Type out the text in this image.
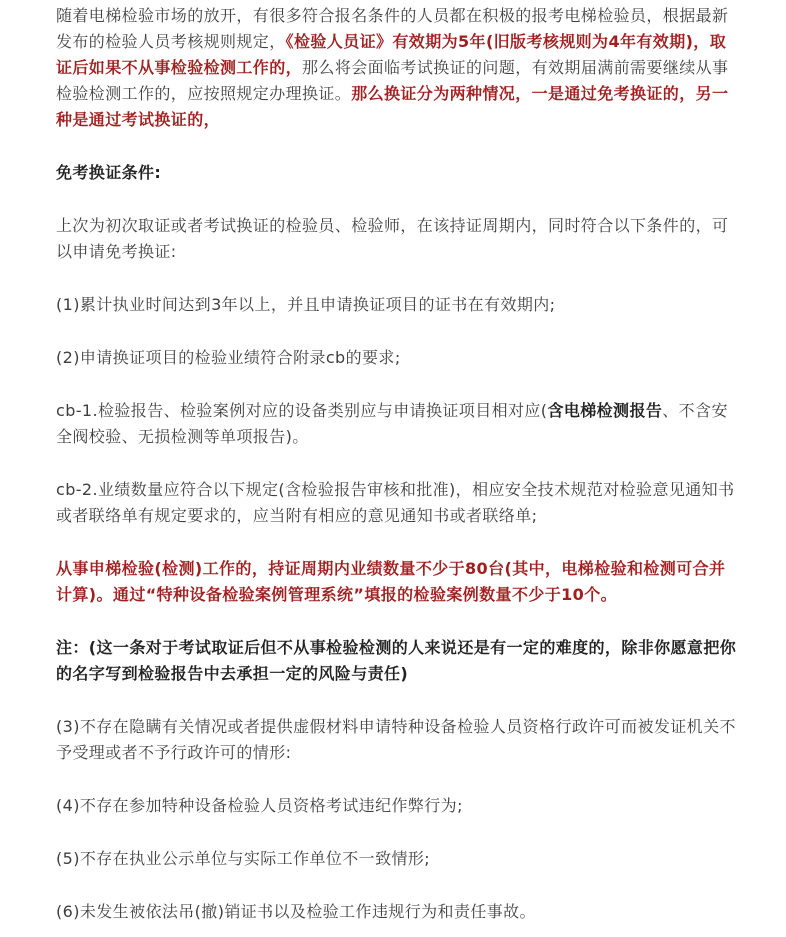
随着电梯检验市场的放开，有很多符合报名条件的人员都在积极的报考电梯检验员，根据最新发布的检验人员考核规则规定，《检验人员证》有效期为5年(旧版考核规则为4年有效期)，取证后如果不从事检验检测工作的，那么将会面临考试换证的问题，有效期届满前需要继续从事检验检测工作的，应按照规定办理换证。那么换证分为两种情况，一是通过免考换证的，另一种是通过考试换证的，

免考换证条件:

上次为初次取证或者考试换证的检验员、检验师，在该持证周期内，同时符合以下条件的，可以申请免考换证:

(1)累计执业时间达到3年以上，并且申请换证项目的证书在有效期内;

(2)申请换证项目的检验业绩符合附录cb的要求;

cb-1.检验报告、检验案例对应的设备类别应与申请换证项目相对应(含电梯检测报告、不含安全阀校验、无损检测等单项报告)。

cb-2.业绩数量应符合以下规定(含检验报告审核和批准)，相应安全技术规范对检验意见通知书或者联络单有规定要求的，应当附有相应的意见通知书或者联络单;

从事申梯检验(检测)工作的，持证周期内业绩数量不少于80台(其中，电梯检验和检测可合并计算)。通过“特种设备检验案例管理系统”填报的检验案例数量不少于10个。

注：(这一条对于考试取证后但不从事检验检测的人来说还是有一定的难度的，除非你愿意把你的名字写到检验报告中去承担一定的风险与责任)

(3)不存在隐瞒有关情况或者提供虚假材料申请特种设备检验人员资格行政许可而被发证机关不予受理或者不予行政许可的情形:

(4)不存在参加特种设备检验人员资格考试违纪作弊行为;

(5)不存在执业公示单位与实际工作单位不一致情形;

(6)未发生被依法吊(撤)销证书以及检验工作违规行为和责任事故。
